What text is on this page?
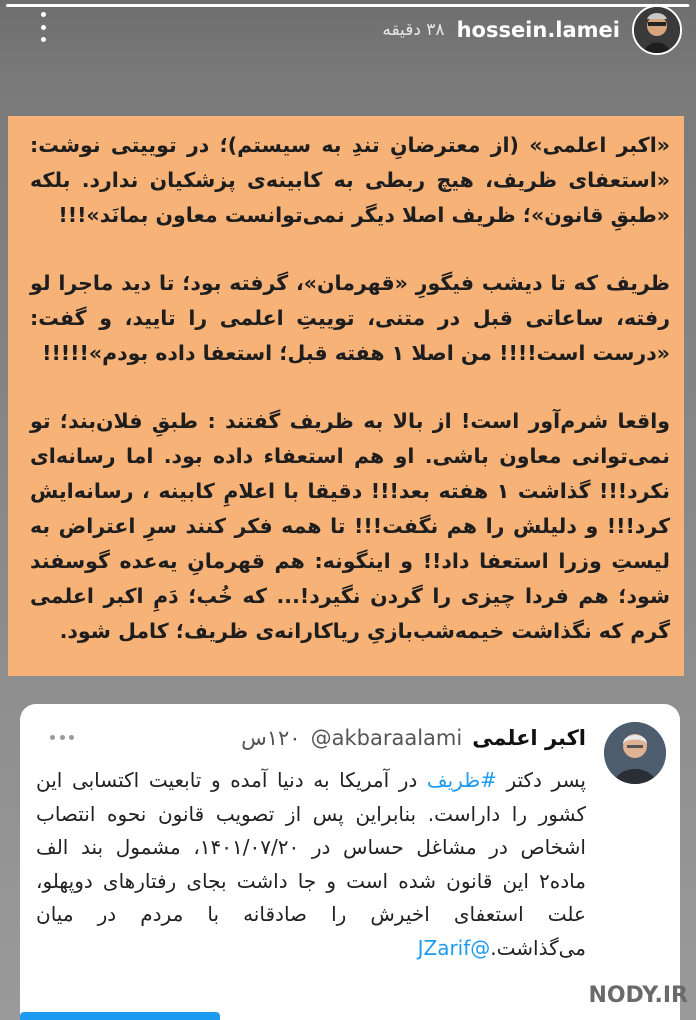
۳۸ دقیقه hossein.lamei

«اکبر اعلمی» (از معترضانِ تندِ به سیستم)؛ در توییتی نوشت: «استعفای ظریف، هیچ ربطی به کابینه‌ی پزشکیان ندارد. بلکه «طبقِ قانون»؛ ظریف اصلا دیگر نمی‌توانست معاون بمانَد»!!!

ظریف که تا دیشب فیگورِ «قهرمان»، گرفته بود؛ تا دید ماجرا لو رفته، ساعاتی قبل در متنی، توییتِ اعلمی را تایید، و گفت: «درست است!!!! من اصلا ۱ هفته قبل؛ استعفا داده بودم»!!!!!

واقعا شرم‌آور است! از بالا به ظریف گفتند : طبقِ فلان‌بند؛ تو نمی‌توانی معاون باشی. او هم استعفاء داده بود. اما رسانه‌ای نکرد!!! گذاشت ۱ هفته بعد!!! دقیقا با اعلامِ کابینه ، رسانه‌ایش کرد!!! و دلیلش را هم نگفت!!! تا همه فکر کنند سرِ اعتراض به لیستِ وزرا استعفا داد!! و اینگونه: هم قهرمانِ یه‌عده گوسفند شود؛ هم فردا چیزی را گردن نگیرد!... که خُب؛ دَمِ اکبر اعلمی گرم که نگذاشت خیمه‌شب‌بازیِ ریاکارانه‌ی ظریف؛ کامل شود.

اکبر اعلمی
@akbaraalami
۱۲۰س
پسر دکتر #ظریف در آمریکا به دنیا آمده و تابعیت اکتسابی این کشور را داراست. بنابراین پس از تصویب قانون نحوه انتصاب اشخاص در مشاغل حساس در ۱۴۰۱/۰۷/۲۰، مشمول بند الف ماده۲ این قانون شده است و جا داشت بجای رفتارهای دوپهلو، علت استعفای اخیرش را صادقانه با مردم در میان می‌گذاشت.@JZarif
NODY.IR
